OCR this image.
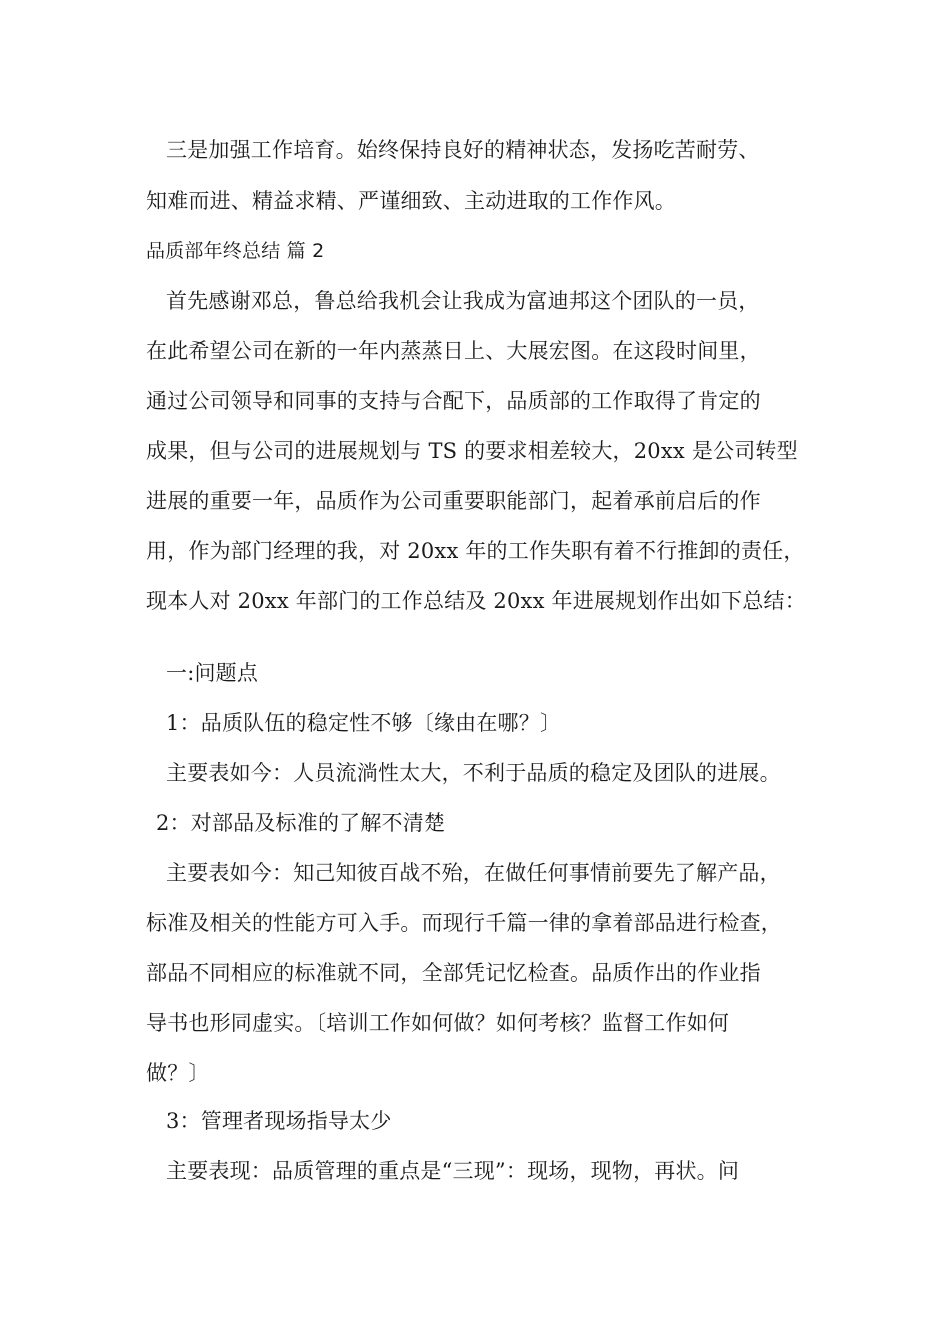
三是加强工作培育。始终保持良好的精神状态，发扬吃苦耐劳、
知难而进、精益求精、严谨细致、主动进取的工作作风。
品质部年终总结 篇 2
首先感谢邓总，鲁总给我机会让我成为富迪邦这个团队的一员，
在此希望公司在新的一年内蒸蒸日上、大展宏图。在这段时间里，
通过公司领导和同事的支持与合配下，品质部的工作取得了肯定的
成果，但与公司的进展规划与 TS 的要求相差较大，20xx 是公司转型
进展的重要一年，品质作为公司重要职能部门，起着承前启后的作
用，作为部门经理的我，对 20xx 年的工作失职有着不行推卸的责任，
现本人对 20xx 年部门的工作总结及 20xx 年进展规划作出如下总结：
一:问题点
1：品质队伍的稳定性不够〔缘由在哪？〕
主要表如今：人员流淌性太大，不利于品质的稳定及团队的进展。
2：对部品及标准的了解不清楚
主要表如今：知己知彼百战不殆，在做任何事情前要先了解产品，
标准及相关的性能方可入手。而现行千篇一律的拿着部品进行检查，
部品不同相应的标准就不同，全部凭记忆检查。品质作出的作业指
导书也形同虚实。〔培训工作如何做？如何考核？监督工作如何
做？〕
3：管理者现场指导太少
主要表现：品质管理的重点是“三现”：现场，现物，再状。问
